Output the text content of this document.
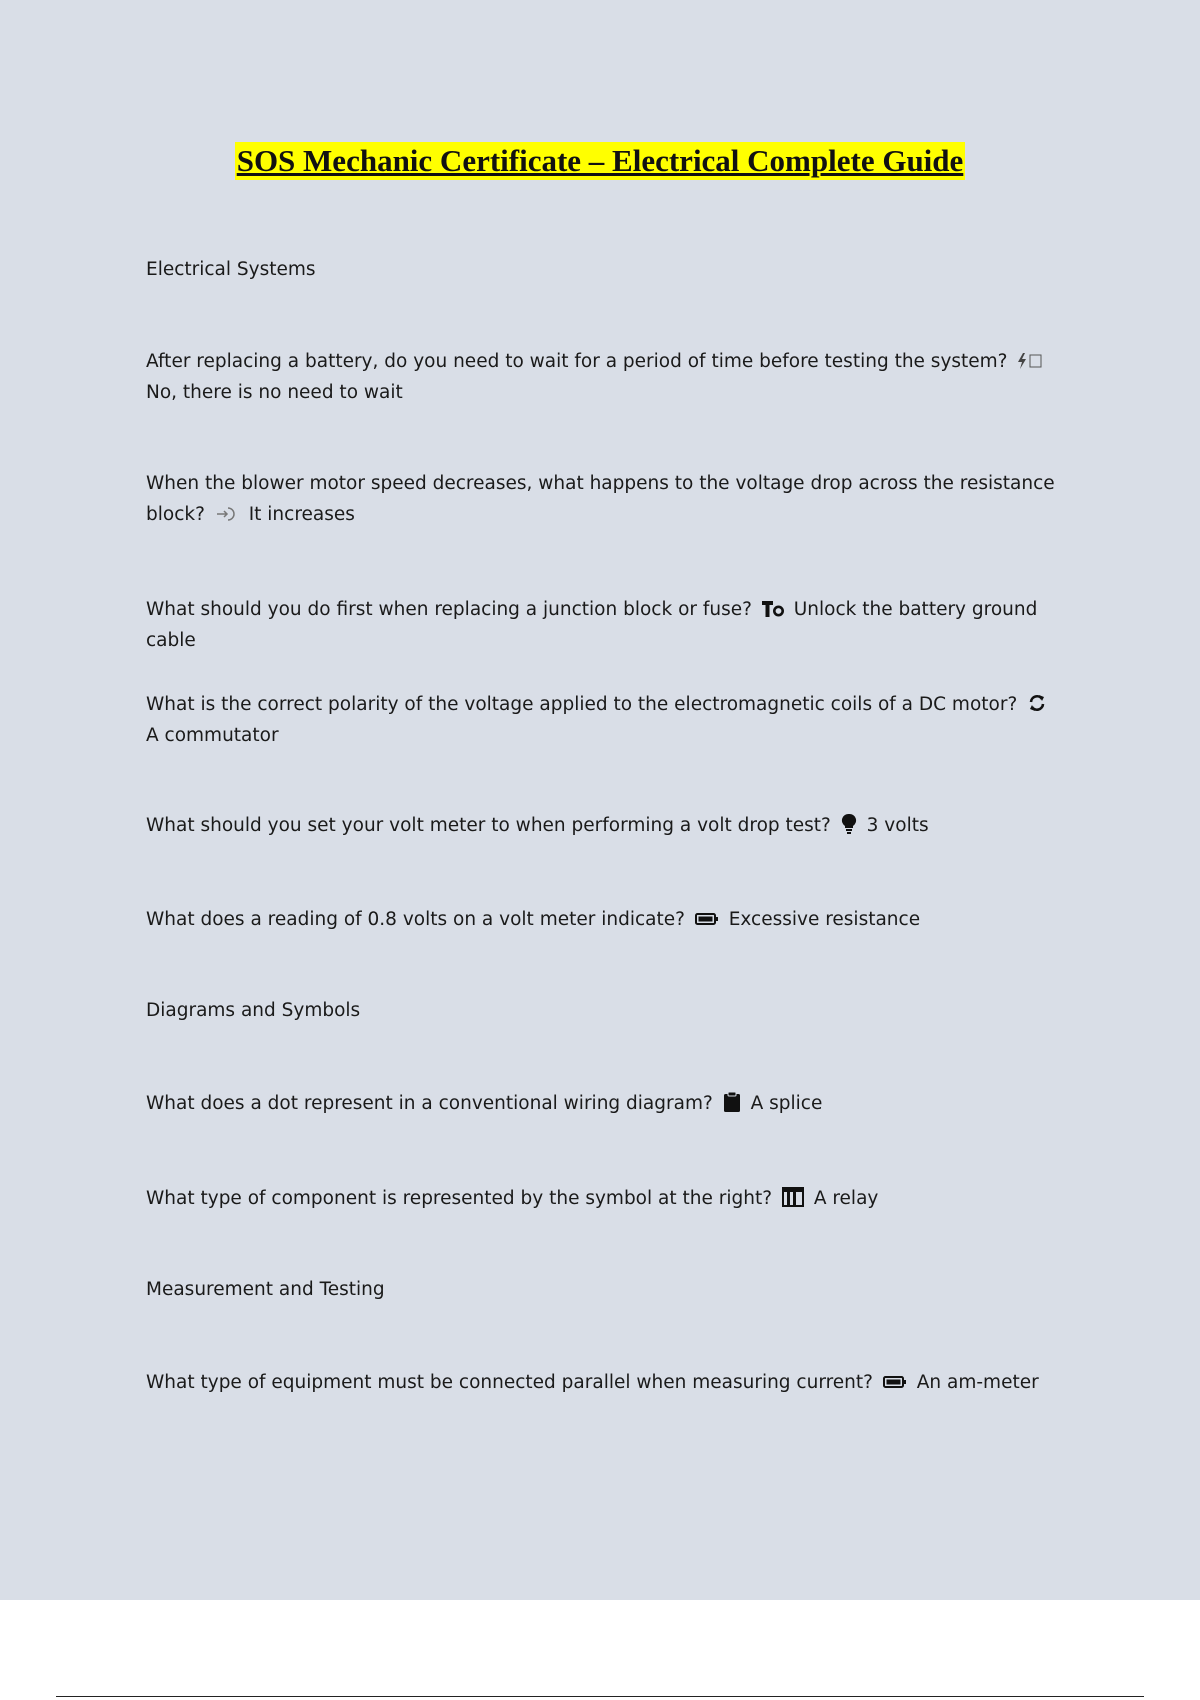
SOS Mechanic Certificate – Electrical Complete Guide

Electrical Systems

After replacing a battery, do you need to wait for a period of time before testing the system?  No, there is no need to wait

When the blower motor speed decreases, what happens to the voltage drop across the resistance block? It increases

What should you do first when replacing a junction block or fuse? Unlock the battery ground cable

What is the correct polarity of the voltage applied to the electromagnetic coils of a DC motor?  A commutator

What should you set your volt meter to when performing a volt drop test? 3 volts

What does a reading of 0.8 volts on a volt meter indicate? Excessive resistance

Diagrams and Symbols

What does a dot represent in a conventional wiring diagram? A splice

What type of component is represented by the symbol at the right? A relay

Measurement and Testing

What type of equipment must be connected parallel when measuring current? An am-meter
